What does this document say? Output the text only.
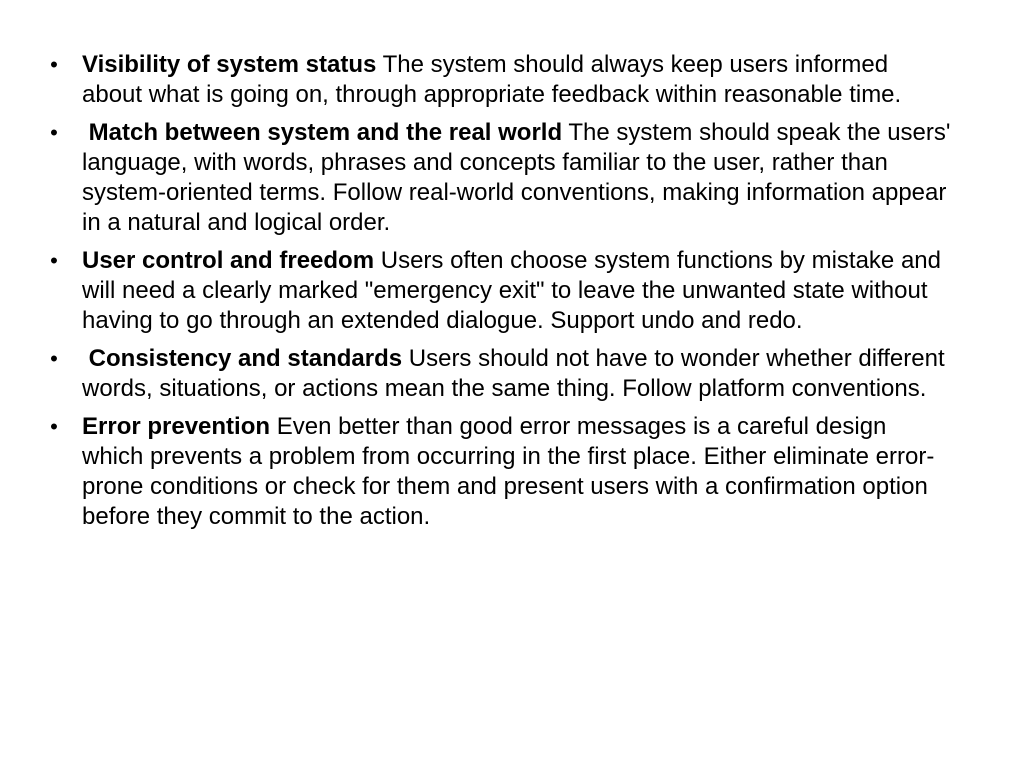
• Visibility of system status The system should always keep users informed about what is going on, through appropriate feedback within reasonable time.
• Match between system and the real world The system should speak the users' language, with words, phrases and concepts familiar to the user, rather than system-oriented terms. Follow real-world conventions, making information appear in a natural and logical order.
• User control and freedom Users often choose system functions by mistake and will need a clearly marked "emergency exit" to leave the unwanted state without having to go through an extended dialogue. Support undo and redo.
• Consistency and standards Users should not have to wonder whether different words, situations, or actions mean the same thing. Follow platform conventions.
• Error prevention Even better than good error messages is a careful design which prevents a problem from occurring in the first place. Either eliminate error-prone conditions or check for them and present users with a confirmation option before they commit to the action.
